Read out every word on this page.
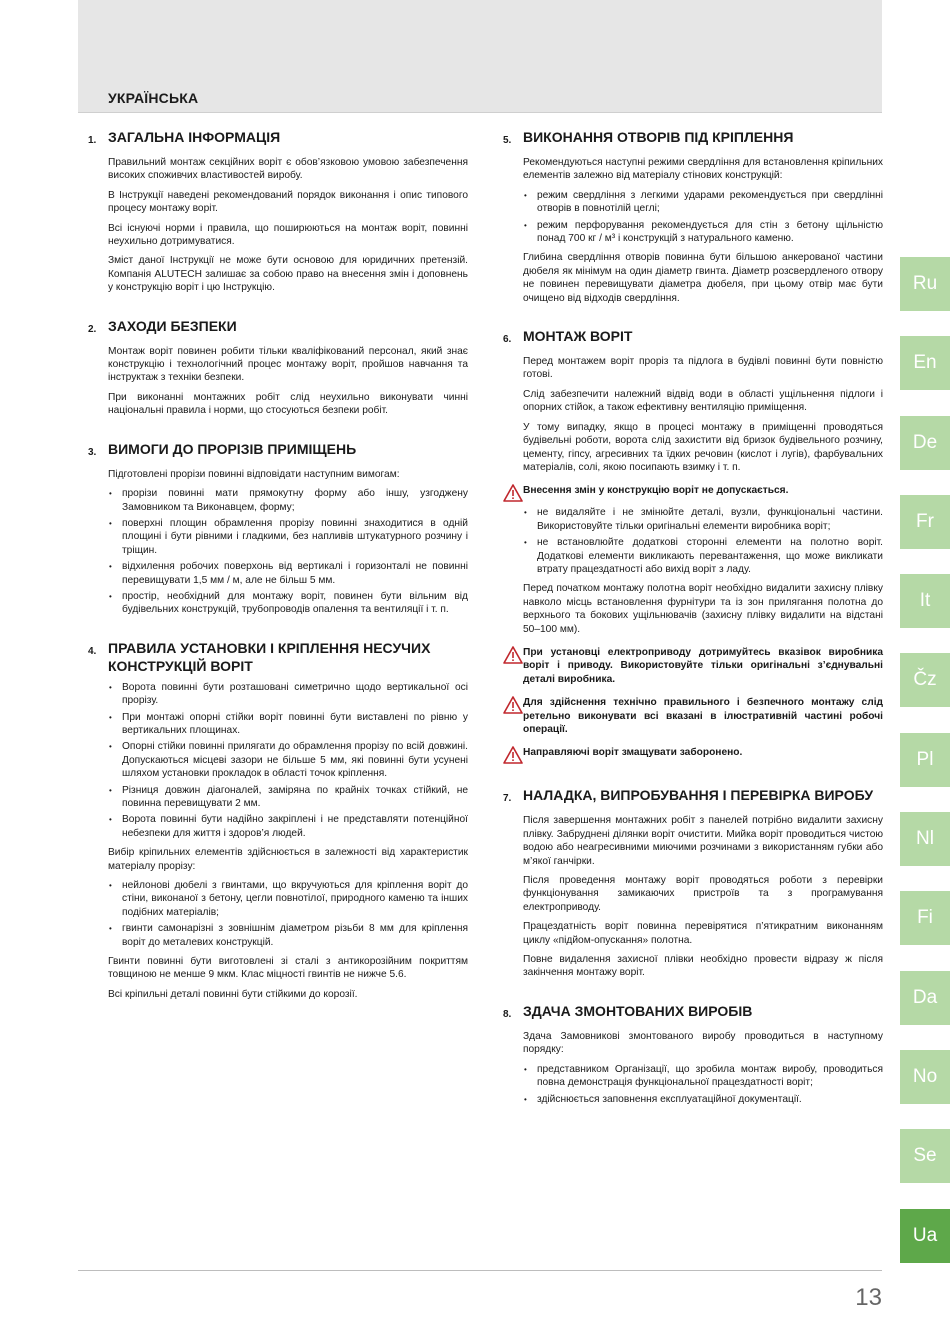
УКРАЇНСЬКА
1. ЗАГАЛЬНА ІНФОРМАЦІЯ

Правильний монтаж секційних воріт є обов’язковою умовою забезпечення високих споживчих властивостей виробу.

В Інструкції наведені рекомендований порядок виконання і опис типового процесу монтажу воріт.

Всі існуючі норми і правила, що поширюються на монтаж воріт, повинні неухильно дотримуватися.

Зміст даної Інструкції не може бути основою для юридичних претензій. Компанія ALUTECH залишає за собою право на внесення змін і доповнень у конструкцію воріт і цю Інструкцію.

2. ЗАХОДИ БЕЗПЕКИ

Монтаж воріт повинен робити тільки кваліфікований персонал, який знає конструкцію і технологічний процес монтажу воріт, пройшов навчання та інструктаж з техніки безпеки.

При виконанні монтажних робіт слід неухильно виконувати чинні національні правила і норми, що стосуються безпеки робіт.

3. ВИМОГИ ДО ПРОРІЗІВ ПРИМІЩЕНЬ

Підготовлені прорізи повинні відповідати наступним вимогам:

• прорізи повинні мати прямокутну форму або іншу, узгоджену Замовником та Виконавцем, форму;
• поверхні площин обрамлення прорізу повинні знаходитися в одній площині і бути рівними і гладкими, без напливів штукатурного розчину і тріщин.
• відхилення робочих поверхонь від вертикалі і горизонталі не повинні перевищувати 1,5 мм / м, але не більш 5 мм.
• простір, необхідний для монтажу воріт, повинен бути вільним від будівельних конструкцій, трубопроводів опалення та вентиляції і т. п.
4. ПРАВИЛА УСТАНОВКИ І КРІПЛЕННЯ НЕСУЧИХ КОНСТРУКЦІЙ ВОРІТ
• Ворота повинні бути розташовані симетрично щодо вертикальної осі прорізу.
• При монтажі опорні стійки воріт повинні бути виставлені по рівню у вертикальних площинах.
• Опорні стійки повинні прилягати до обрамлення прорізу по всій довжині. Допускаються місцеві зазори не більше 5 мм, які повинні бути усунені шляхом установки прокладок в області точок кріплення.
• Різниця довжин діагоналей, заміряна по крайніх точках стійкий, не повинна перевищувати 2 мм.
• Ворота повинні бути надійно закріплені і не представляти потенційної небезпеки для життя і здоров’я людей.

Вибір кріпильних елементів здійснюється в залежності від характеристик матеріалу прорізу:

• нейлонові дюбелі з гвинтами, що вкручуються для кріплення воріт до стіни, виконаної з бетону, цегли повнотілої, природного каменю та інших подібних матеріалів;
• гвинти самонарізні з зовнішнім діаметром різьби 8 мм для кріплення воріт до металевих конструкцій.

Гвинти повинні бути виготовлені зі сталі з антикорозійним покриттям товщиною не менше 9 мкм. Клас міцності гвинтів не нижче 5.6.

Всі кріпильні деталі повинні бути стійкими до корозії.

5. ВИКОНАННЯ ОТВОРІВ ПІД КРІПЛЕННЯ

Рекомендуються наступні режими свердління для встановлення кріпильних елементів залежно від матеріалу стінових конструкцій:

• режим свердління з легкими ударами рекомендується при свердлінні отворів в повнотілій цеглі;
• режим перфорування рекомендується для стін з бетону щільністю понад 700 кг / м³ і конструкцій з натурального каменю.

Глибина свердління отворів повинна бути більшою анкерованої частини дюбеля як мінімум на один діаметр гвинта. Діаметр розсвердленого отвору не повинен перевищувати діаметра дюбеля, при цьому отвір має бути очищено від відходів свердління.

6. МОНТАЖ ВОРІТ

Перед монтажем воріт проріз та підлога в будівлі повинні бути повністю готові.

Слід забезпечити належний відвід води в області ущільнення підлоги і опорних стійок, а також ефективну вентиляцію приміщення.

У тому випадку, якщо в процесі монтажу в приміщенні проводяться будівельні роботи, ворота слід захистити від бризок будівельного розчину, цементу, гіпсу, агресивних та їдких речовин (кислот і лугів), фарбувальних матеріалів, солі, якою посипають взимку і т. п.

Внесення змін у конструкцію воріт не допускається.
• не видаляйте і не змінюйте деталі, вузли, функціональні частини. Використовуйте тільки оригінальні елементи виробника воріт;
• не встановлюйте додаткові сторонні елементи на полотно воріт. Додаткові елементи викликають перевантаження, що може викликати втрату працездатності або вихід воріт з ладу.

Перед початком монтажу полотна воріт необхідно видалити захисну плівку навколо місць встановлення фурнітури та із зон прилягання полотна до верхнього та бокових ущільнювачів (захисну плівку видалити на відстані 50–100 мм).

При установці електроприводу дотримуйтесь вказівок виробника воріт і приводу. Використовуйте тільки оригінальні з’єднувальні деталі виробника.
Для здійснення технічно правильного і безпечного монтажу слід ретельно виконувати всі вказані в ілюстративній частині робочі операції.
Направляючі воріт змащувати заборонено.
7. НАЛАДКА, ВИПРОБУВАННЯ І ПЕРЕВІРКА ВИРОБУ

Після завершення монтажних робіт з панелей потрібно видалити захисну плівку. Забруднені ділянки воріт очистити. Мийка воріт проводиться чистою водою або неагресивними миючими розчинами з використанням губки або м’якої ганчірки.

Після проведення монтажу воріт проводяться роботи з перевірки функціонування замикаючих пристроїв та з програмування електроприводу.

Працездатність воріт повинна перевірятися п’ятикратним виконанням циклу «підйом-опускання» полотна.

Повне видалення захисної плівки необхідно провести відразу ж після закінчення монтажу воріт.

8. ЗДАЧА ЗМОНТОВАНИХ ВИРОБІВ

Здача Замовникові змонтованого виробу проводиться в наступному порядку:

• представником Організації, що зробила монтаж виробу, проводиться повна демонстрація функціональної працездатності воріт;
• здійснюється заповнення експлуатаційної документації.
Ru
En
De
Fr
It
Čz
Pl
Nl
Fi
Da
No
Se
Ua
13
